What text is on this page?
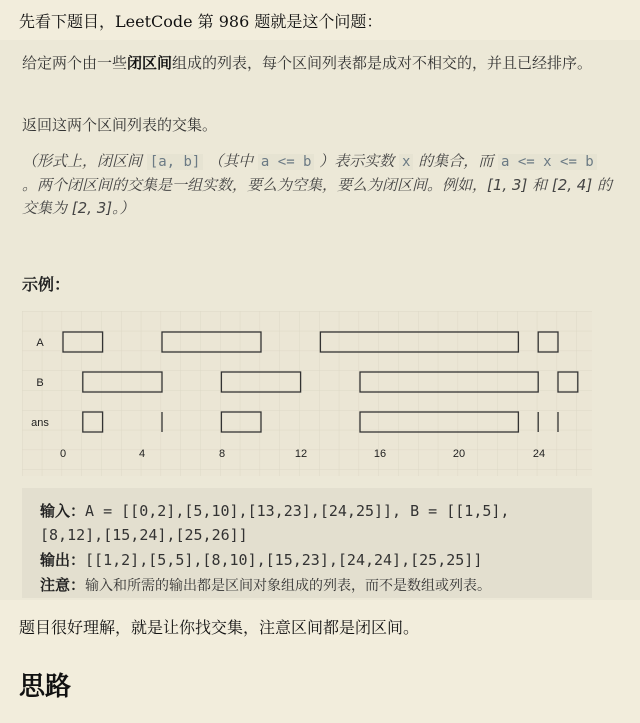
先看下题目，LeetCode 第 986 题就是这个问题：
给定两个由一些闭区间组成的列表，每个区间列表都是成对不相交的，并且已经排序。
返回这两个区间列表的交集。
（形式上，闭区间 [a, b] （其中 a <= b ）表示实数 x 的集合，而 a <= x <= b 。两个闭区间的交集是一组实数，要么为空集，要么为闭区间。例如，[1, 3] 和 [2, 4] 的交集为 [2, 3]。）
示例：
A
B
ans
0	4	8	12	16	20	24
输入：A = [[0,2],[5,10],[13,23],[24,25]], B = [[1,5],
[8,12],[15,24],[25,26]]
输出：[[1,2],[5,5],[8,10],[15,23],[24,24],[25,25]]
注意：输入和所需的输出都是区间对象组成的列表，而不是数组或列表。
题目很好理解，就是让你找交集，注意区间都是闭区间。
思路
